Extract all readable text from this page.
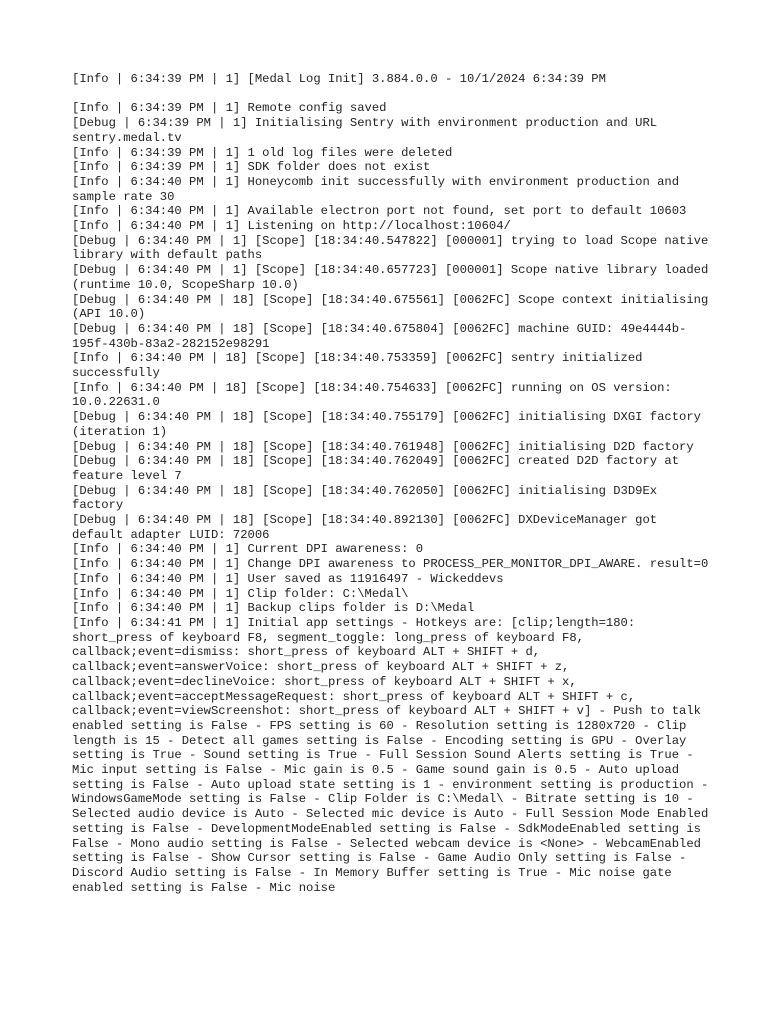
[Info | 6:34:39 PM | 1] [Medal Log Init] 3.884.0.0 - 10/1/2024 6:34:39 PM
[Info | 6:34:39 PM | 1] Remote config saved
[Debug | 6:34:39 PM | 1] Initialising Sentry with environment production and URL sentry.medal.tv
[Info | 6:34:39 PM | 1] 1 old log files were deleted
[Info | 6:34:39 PM | 1] SDK folder does not exist
[Info | 6:34:40 PM | 1] Honeycomb init successfully with environment production and sample rate 30
[Info | 6:34:40 PM | 1] Available electron port not found, set port to default 10603
[Info | 6:34:40 PM | 1] Listening on http://localhost:10604/
[Debug | 6:34:40 PM | 1] [Scope] [18:34:40.547822] [000001] trying to load Scope native library with default paths
[Debug | 6:34:40 PM | 1] [Scope] [18:34:40.657723] [000001] Scope native library loaded (runtime 10.0, ScopeSharp 10.0)
[Debug | 6:34:40 PM | 18] [Scope] [18:34:40.675561] [0062FC] Scope context initialising (API 10.0)
[Debug | 6:34:40 PM | 18] [Scope] [18:34:40.675804] [0062FC] machine GUID: 49e4444b-195f-430b-83a2-282152e98291
[Info | 6:34:40 PM | 18] [Scope] [18:34:40.753359] [0062FC] sentry initialized successfully
[Info | 6:34:40 PM | 18] [Scope] [18:34:40.754633] [0062FC] running on OS version: 10.0.22631.0
[Debug | 6:34:40 PM | 18] [Scope] [18:34:40.755179] [0062FC] initialising DXGI factory (iteration 1)
[Debug | 6:34:40 PM | 18] [Scope] [18:34:40.761948] [0062FC] initialising D2D factory
[Debug | 6:34:40 PM | 18] [Scope] [18:34:40.762049] [0062FC] created D2D factory at feature level 7
[Debug | 6:34:40 PM | 18] [Scope] [18:34:40.762050] [0062FC] initialising D3D9Ex factory
[Debug | 6:34:40 PM | 18] [Scope] [18:34:40.892130] [0062FC] DXDeviceManager got default adapter LUID: 72006
[Info | 6:34:40 PM | 1] Current DPI awareness: 0
[Info | 6:34:40 PM | 1] Change DPI awareness to PROCESS_PER_MONITOR_DPI_AWARE. result=0
[Info | 6:34:40 PM | 1] User saved as 11916497 - Wickeddevs
[Info | 6:34:40 PM | 1] Clip folder: C:\Medal\
[Info | 6:34:40 PM | 1] Backup clips folder is D:\Medal
[Info | 6:34:41 PM | 1] Initial app settings - Hotkeys are: [clip;length=180: short_press of keyboard F8, segment_toggle: long_press of keyboard F8, callback;event=dismiss: short_press of keyboard ALT + SHIFT + d, callback;event=answerVoice: short_press of keyboard ALT + SHIFT + z, callback;event=declineVoice: short_press of keyboard ALT + SHIFT + x, callback;event=acceptMessageRequest: short_press of keyboard ALT + SHIFT + c, callback;event=viewScreenshot: short_press of keyboard ALT + SHIFT + v] - Push to talk enabled setting is False - FPS setting is 60 - Resolution setting is 1280x720 - Clip length is 15 - Detect all games setting is False - Encoding setting is GPU - Overlay setting is True - Sound setting is True - Full Session Sound Alerts setting is True - Mic input setting is False - Mic gain is 0.5 - Game sound gain is 0.5 - Auto upload setting is False - Auto upload state setting is 1 - environment setting is production - WindowsGameMode setting is False - Clip Folder is C:\Medal\ - Bitrate setting is 10 - Selected audio device is Auto - Selected mic device is Auto - Full Session Mode Enabled setting is False - DevelopmentModeEnabled setting is False - SdkModeEnabled setting is False - Mono audio setting is False - Selected webcam device is <None> - WebcamEnabled setting is False - Show Cursor setting is False - Game Audio Only setting is False - Discord Audio setting is False - In Memory Buffer setting is True - Mic noise gate enabled setting is False - Mic noise
